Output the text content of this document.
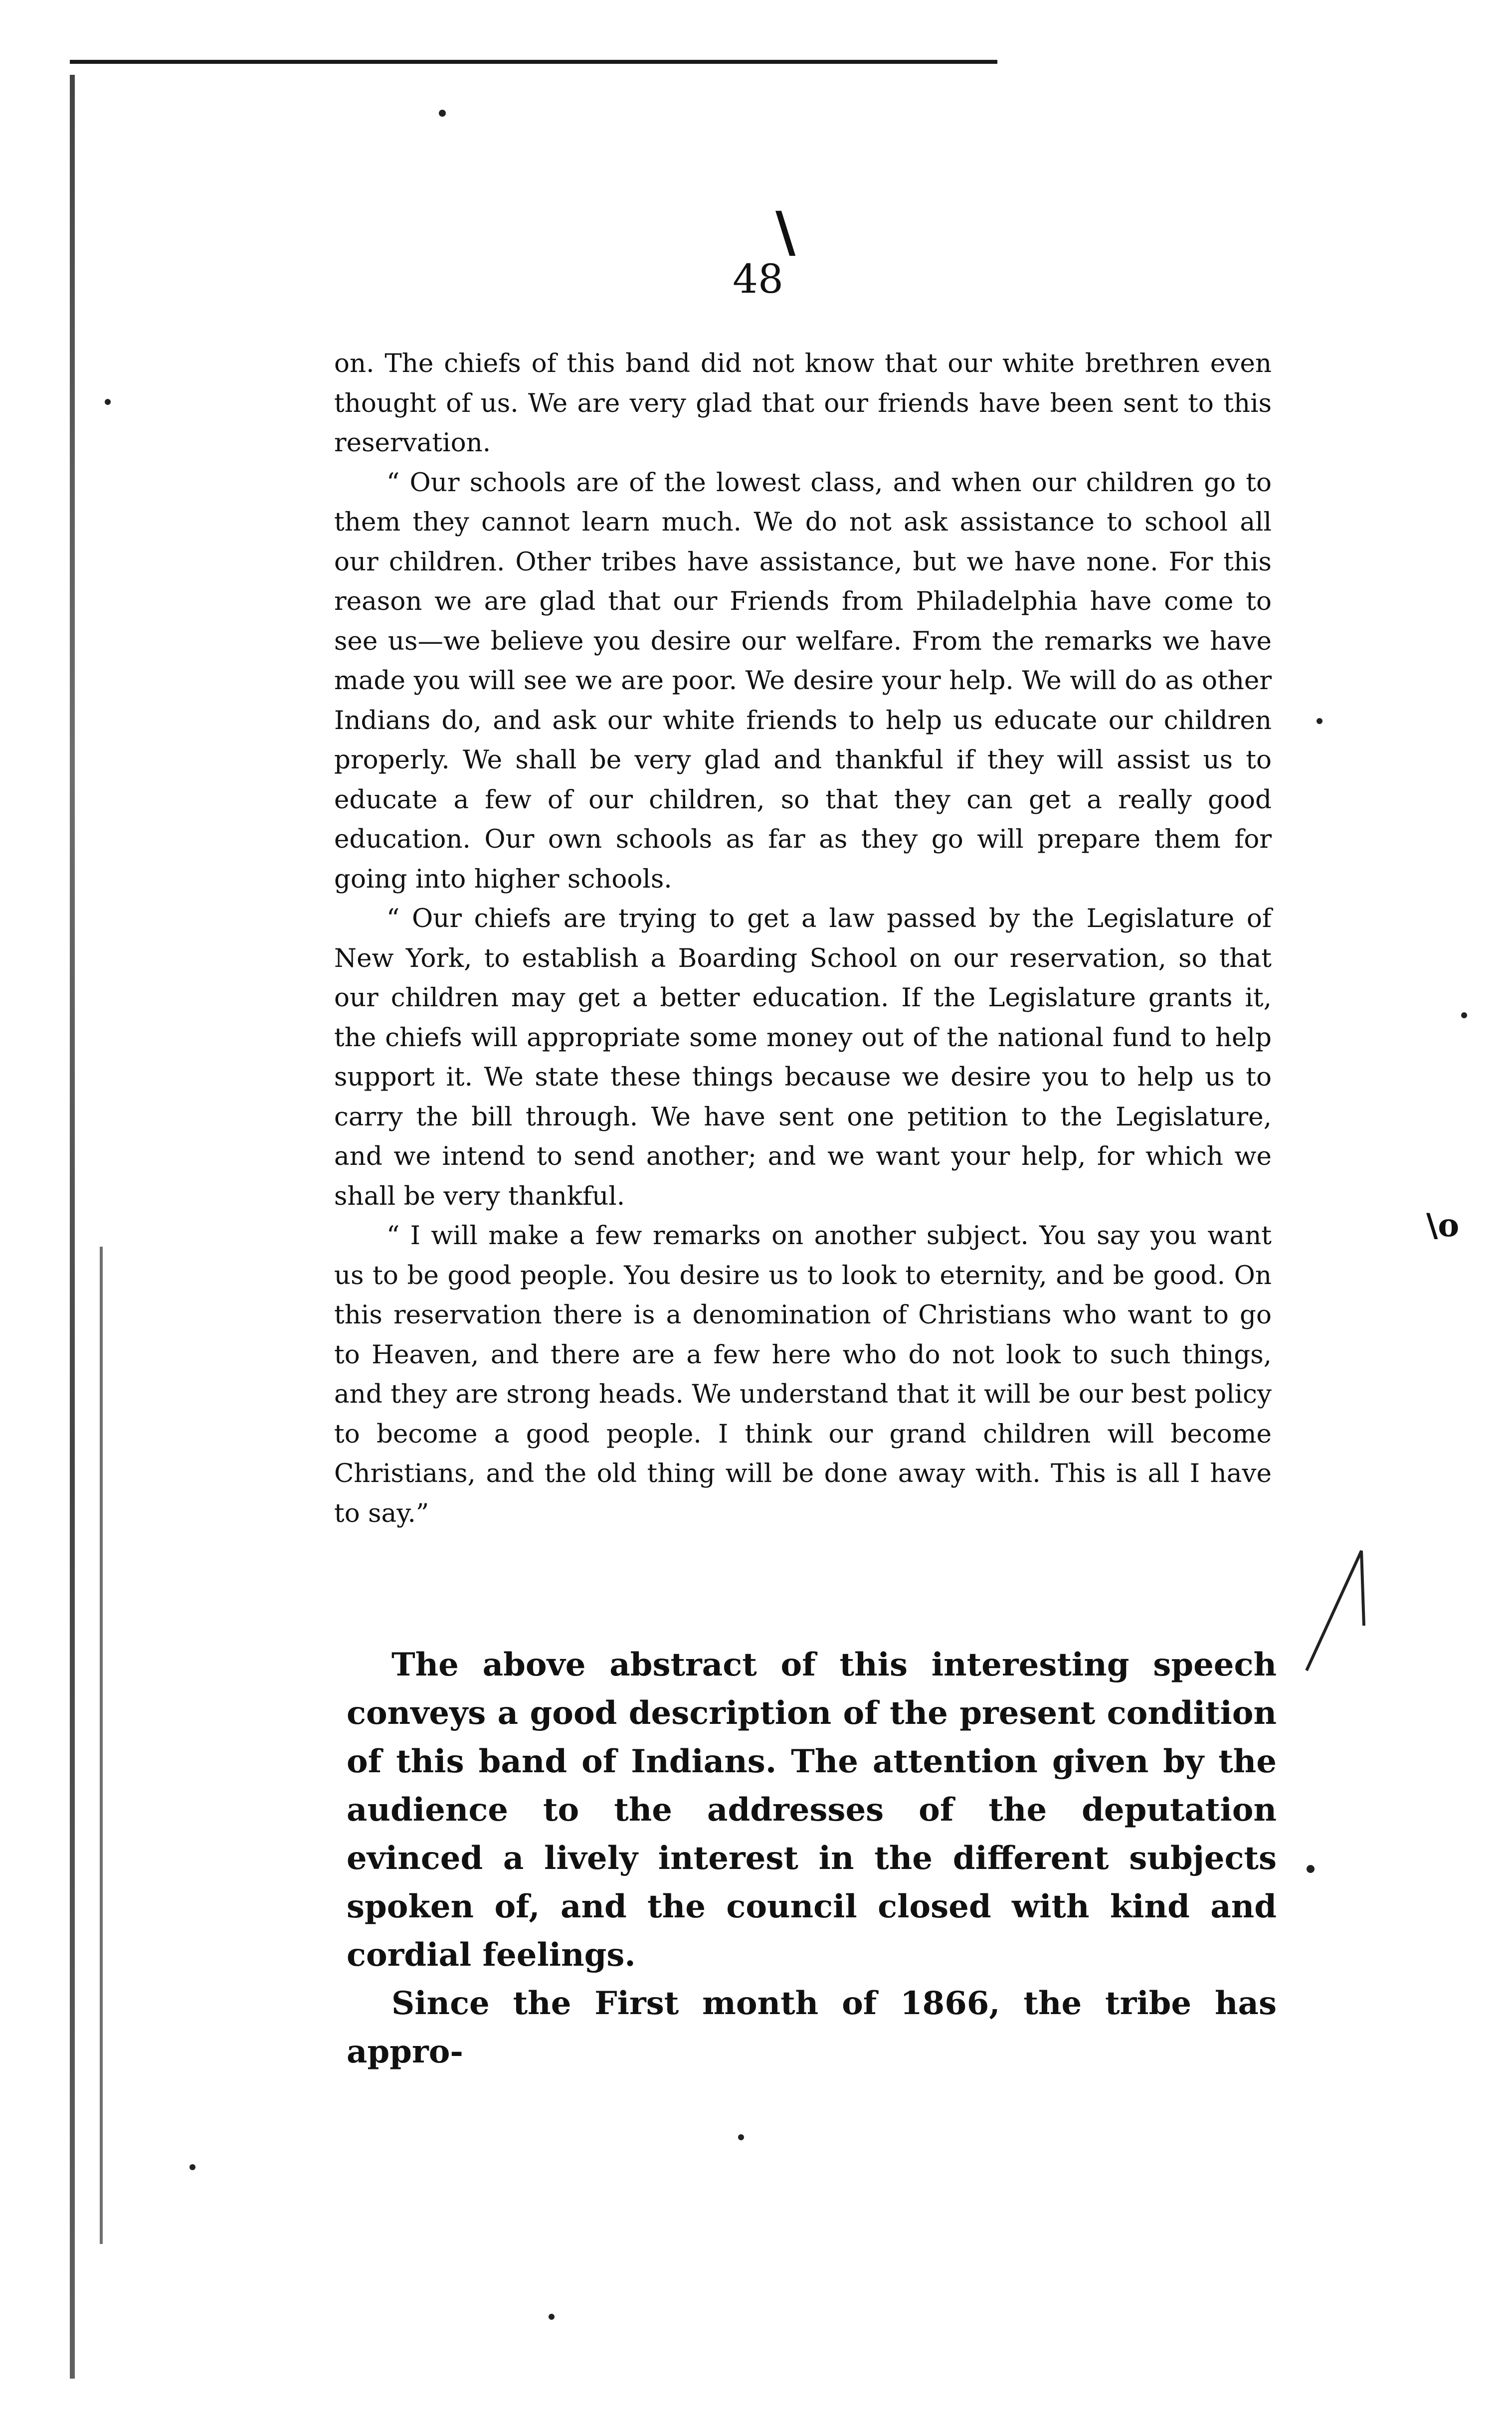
\
48

on. The chiefs of this band did not know that our white brethren even thought of us. We are very glad that our friends have been sent to this reservation.

“ Our schools are of the lowest class, and when our children go to them they cannot learn much. We do not ask assistance to school all our children. Other tribes have assistance, but we have none. For this reason we are glad that our Friends from Philadelphia have come to see us—we believe you desire our welfare. From the remarks we have made you will see we are poor. We desire your help. We will do as other Indians do, and ask our white friends to help us educate our children properly. We shall be very glad and thankful if they will assist us to educate a few of our children, so that they can get a really good education. Our own schools as far as they go will prepare them for going into higher schools.

“ Our chiefs are trying to get a law passed by the Legislature of New York, to establish a Boarding School on our reservation, so that our children may get a better education. If the Legislature grants it, the chiefs will appropriate some money out of the national fund to help support it. We state these things because we desire you to help us to carry the bill through. We have sent one petition to the Legislature, and we intend to send another; and we want your help, for which we shall be very thankful.

“ I will make a few remarks on another subject. You say you want us to be good people. You desire us to look to eternity, and be good. On this reservation there is a denomination of Christians who want to go to Heaven, and there are a few here who do not look to such things, and they are strong heads. We understand that it will be our best policy to become a good people. I think our grand children will become Christians, and the old thing will be done away with. This is all I have to say.”

The above abstract of this interesting speech conveys a good description of the present condition of this band of Indians. The attention given by the audience to the addresses of the deputation evinced a lively interest in the different subjects spoken of, and the council closed with kind and cordial feelings.

Since the First month of 1866, the tribe has appro-

\o
